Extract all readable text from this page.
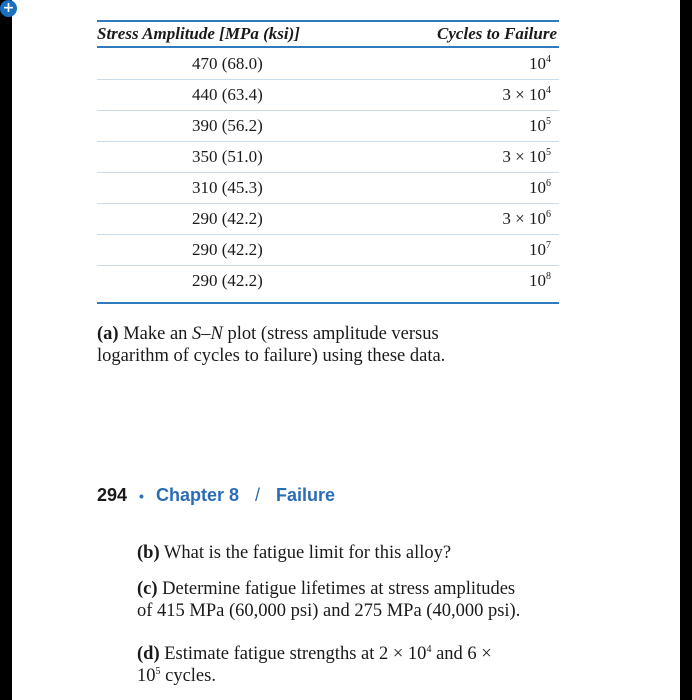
+
Stress Amplitude [MPa (ksi)]	Cycles to Failure
470 (68.0)	$10^4$
440 (63.4)	$3 \times 10^4$
390 (56.2)	$10^5$
350 (51.0)	$3 \times 10^5$
310 (45.3)	$10^6$
290 (42.2)	$3 \times 10^6$
290 (42.2)	$10^7$
290 (42.2)	$10^8$
(a) Make an S–N plot (stress amplitude versus
logarithm of cycles to failure) using these data.
294 • Chapter 8 / Failure
(b) What is the fatigue limit for this alloy?
(c) Determine fatigue lifetimes at stress amplitudes
of 415 MPa (60,000 psi) and 275 MPa (40,000 psi).
(d) Estimate fatigue strengths at $2 \times 10^4$ and 6 ×
$10^5$ cycles.
